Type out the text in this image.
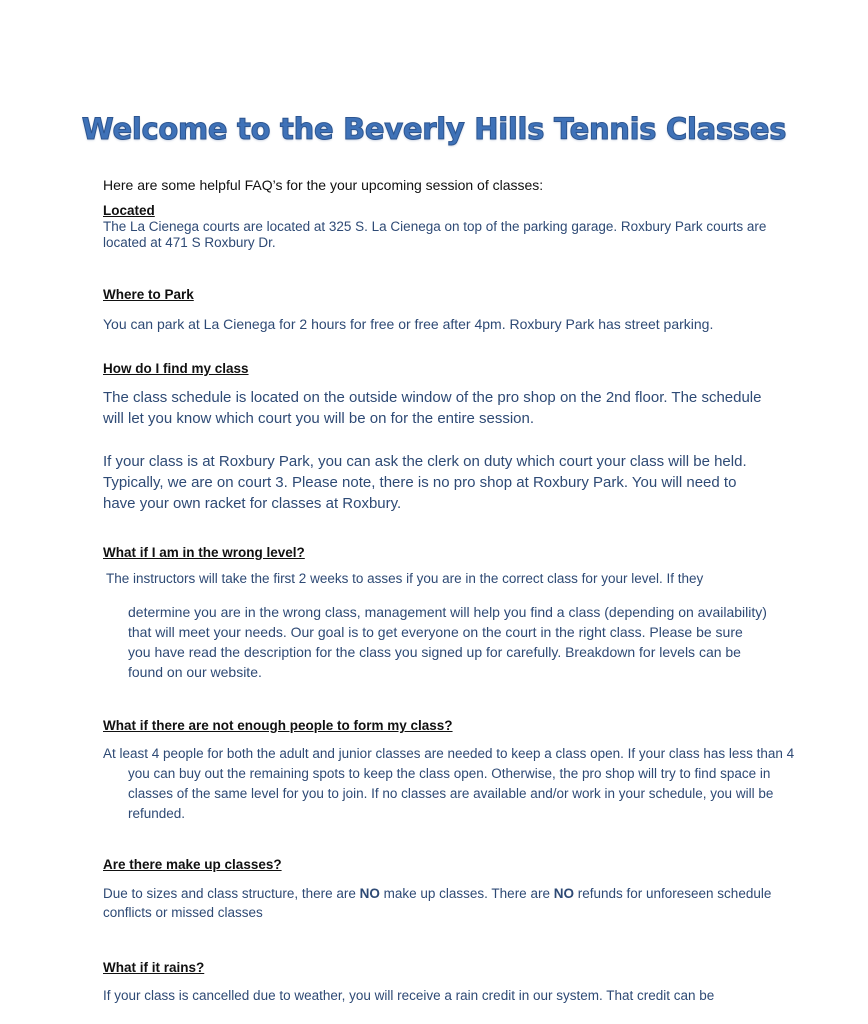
Welcome to the Beverly Hills Tennis Classes
Here are some helpful FAQ’s for the your upcoming session of classes:
Located
The La Cienega courts are located at 325 S. La Cienega on top of the parking garage. Roxbury Park courts are located at 471 S Roxbury Dr.
Where to Park
You can park at La Cienega for 2 hours for free or free after 4pm. Roxbury Park has street parking.
How do I find my class
The class schedule is located on the outside window of the pro shop on the 2nd floor. The schedule will let you know which court you will be on for the entire session.
If your class is at Roxbury Park, you can ask the clerk on duty which court your class will be held. Typically, we are on court 3. Please note, there is no pro shop at Roxbury Park. You will need to have your own racket for classes at Roxbury.
What if I am in the wrong level?
The instructors will take the first 2 weeks to asses if you are in the correct class for your level. If they
determine you are in the wrong class, management will help you find a class (depending on availability) that will meet your needs. Our goal is to get everyone on the court in the right class. Please be sure you have read the description for the class you signed up for carefully. Breakdown for levels can be found on our website.
What if there are not enough people to form my class?
At least 4 people for both the adult and junior classes are needed to keep a class open. If your class has less than 4 you can buy out the remaining spots to keep the class open. Otherwise, the pro shop will try to find space in classes of the same level for you to join. If no classes are available and/or work in your schedule, you will be refunded.
Are there make up classes?
Due to sizes and class structure, there are NO make up classes. There are NO refunds for unforeseen schedule conflicts or missed classes
What if it rains?
If your class is cancelled due to weather, you will receive a rain credit in our system. That credit can be
